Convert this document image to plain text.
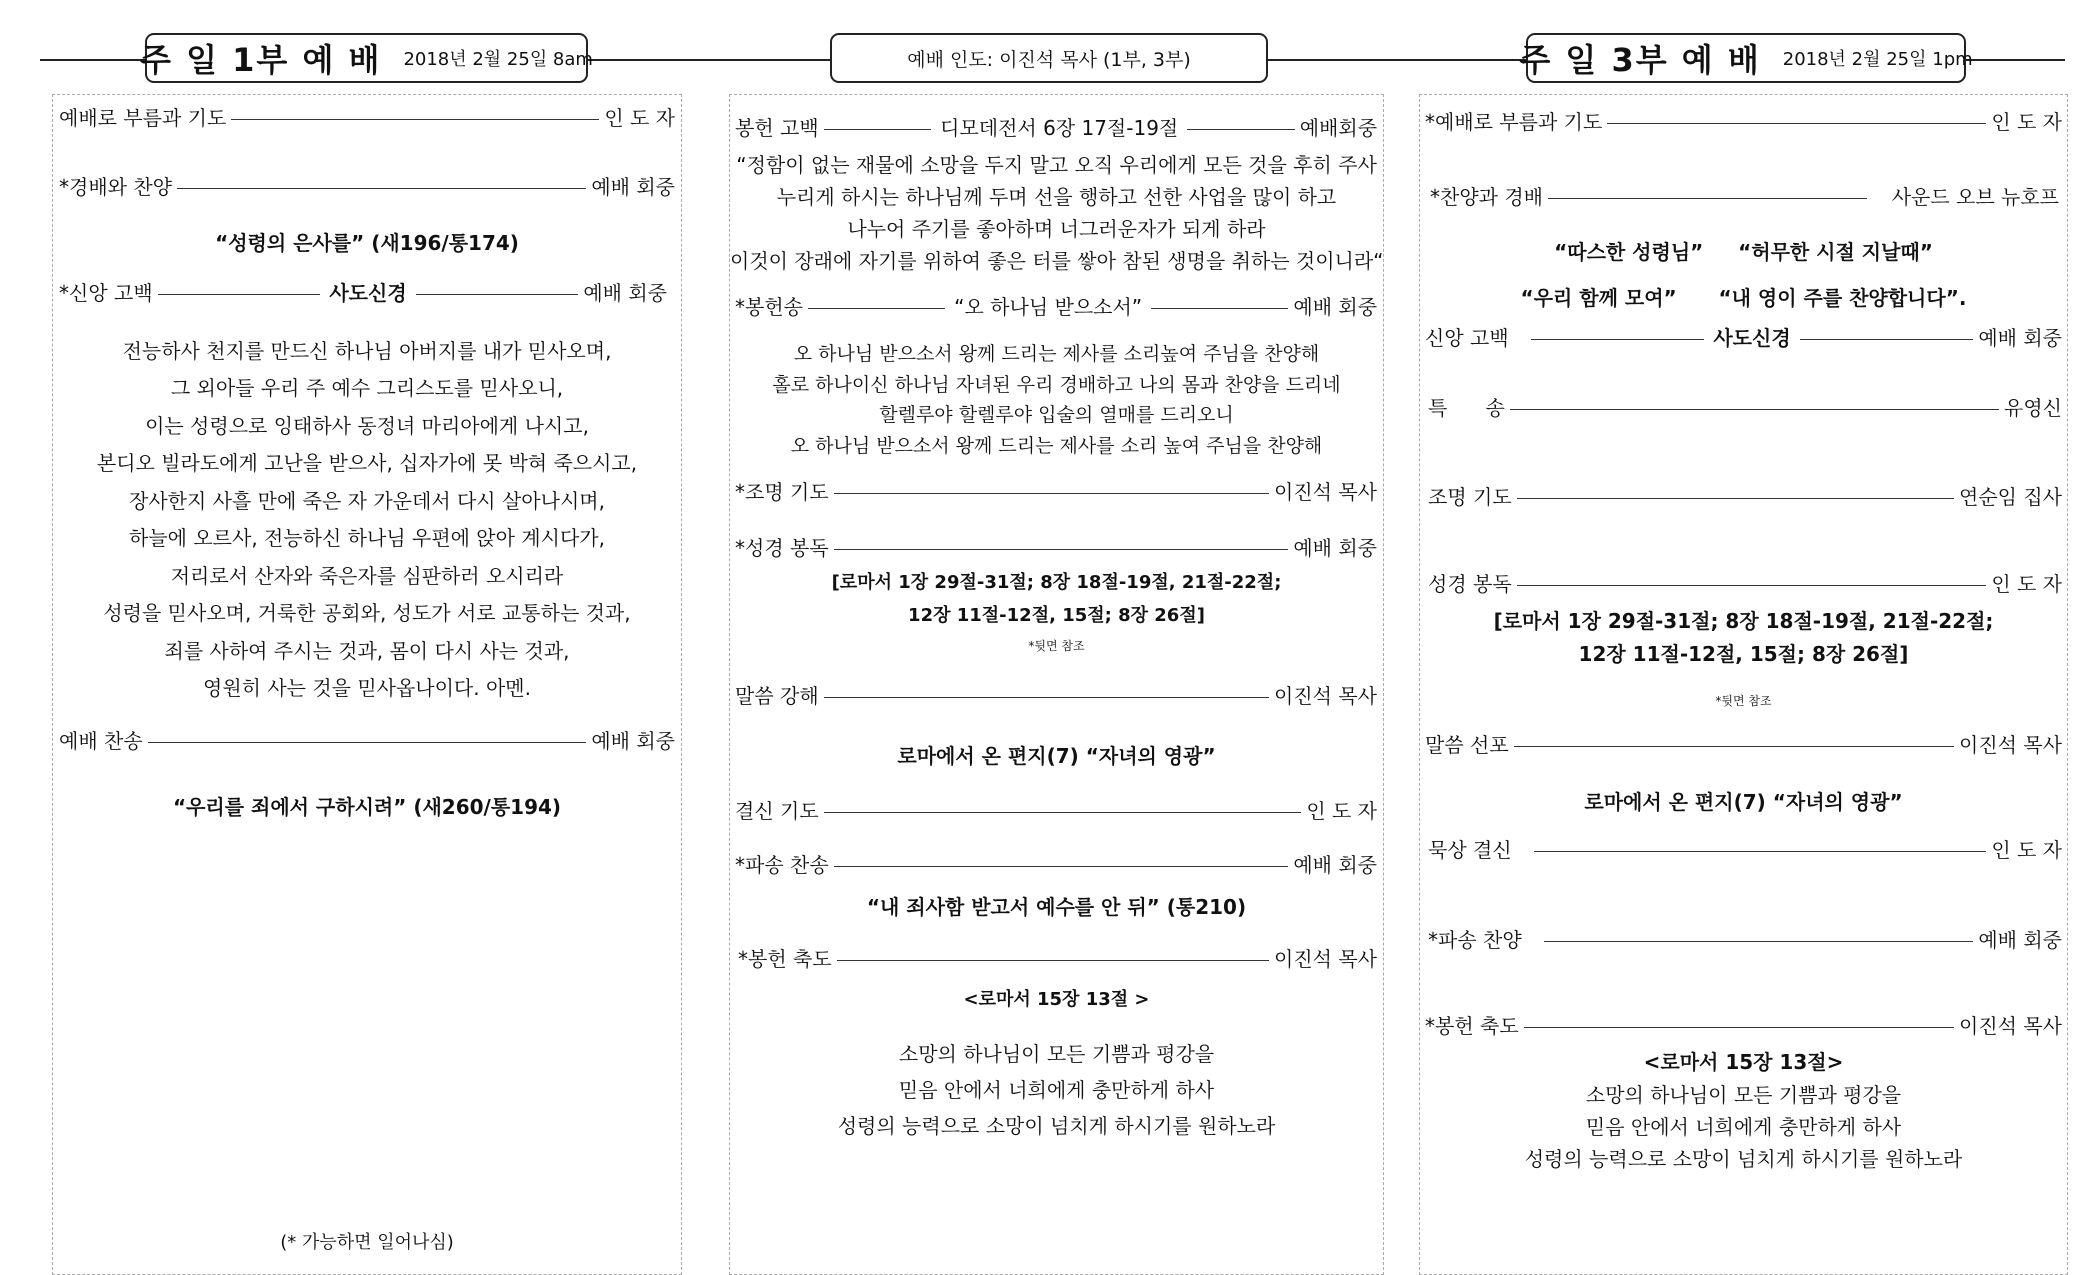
주 일 1부 예 배 2018년 2월 25일 8am	예배 인도: 이진석 목사 (1부, 3부)	주 일 3부 예 배 2018년 2월 25일 1pm
예배로 부름과 기도	인 도 자
*경배와 찬양	예배 회중
“성령의 은사를” (새196/통174)
*신앙 고백	사도신경	예배 회중
전능하사 천지를 만드신 하나님 아버지를 내가 믿사오며,
그 외아들 우리 주 예수 그리스도를 믿사오니,
이는 성령으로 잉태하사 동정녀 마리아에게 나시고,
본디오 빌라도에게 고난을 받으사, 십자가에 못 박혀 죽으시고,
장사한지 사흘 만에 죽은 자 가운데서 다시 살아나시며,
하늘에 오르사, 전능하신 하나님 우편에 앉아 계시다가,
저리로서 산자와 죽은자를 심판하러 오시리라
성령을 믿사오며, 거룩한 공회와, 성도가 서로 교통하는 것과,
죄를 사하여 주시는 것과, 몸이 다시 사는 것과,
영원히 사는 것을 믿사옵나이다. 아멘.
예배 찬송	예배 회중
“우리를 죄에서 구하시려” (새260/통194)
(* 가능하면 일어나심)
봉헌 고백	디모데전서 6장 17절-19절	예배회중
“정함이 없는 재물에 소망을 두지 말고 오직 우리에게 모든 것을 후히 주사
누리게 하시는 하나님께 두며 선을 행하고 선한 사업을 많이 하고
나누어 주기를 좋아하며 너그러운자가 되게 하라
이것이 장래에 자기를 위하여 좋은 터를 쌓아 참된 생명을 취하는 것이니라“
*봉헌송	“오 하나님 받으소서”	예배 회중
오 하나님 받으소서 왕께 드리는 제사를 소리높여 주님을 찬양해
홀로 하나이신 하나님 자녀된 우리 경배하고 나의 몸과 찬양을 드리네
할렐루야 할렐루야 입술의 열매를 드리오니
오 하나님 받으소서 왕께 드리는 제사를 소리 높여 주님을 찬양해
*조명 기도	이진석 목사
*성경 봉독	예배 회중
[로마서 1장 29절-31절; 8장 18절-19절, 21절-22절;
12장 11절-12절, 15절; 8장 26절]
*뒷면 참조
말씀 강해	이진석 목사
로마에서 온 편지(7) “자녀의 영광”
결신 기도	인 도 자
*파송 찬송	예배 회중
“내 죄사함 받고서 예수를 안 뒤” (통210)
*봉헌 축도	이진석 목사
<로마서 15장 13절 >
소망의 하나님이 모든 기쁨과 평강을
믿음 안에서 너희에게 충만하게 하사
성령의 능력으로 소망이 넘치게 하시기를 원하노라
*예배로 부름과 기도	인 도 자
*찬양과 경배	사운드 오브 뉴호프
“따스한 성령님” “허무한 시절 지날때”
“우리 함께 모여” “내 영이 주를 찬양합니다”.
신앙 고백	사도신경	예배 회중
특      송	유영신
조명 기도	연순임 집사
성경 봉독	인 도 자
[로마서 1장 29절-31절; 8장 18절-19절, 21절-22절;
12장 11절-12절, 15절; 8장 26절]
*뒷면 참조
말씀 선포	이진석 목사
로마에서 온 편지(7) “자녀의 영광”
묵상 결신	인 도 자
*파송 찬양	예배 회중
*봉헌 축도	이진석 목사
<로마서 15장 13절>
소망의 하나님이 모든 기쁨과 평강을
믿음 안에서 너희에게 충만하게 하사
성령의 능력으로 소망이 넘치게 하시기를 원하노라
